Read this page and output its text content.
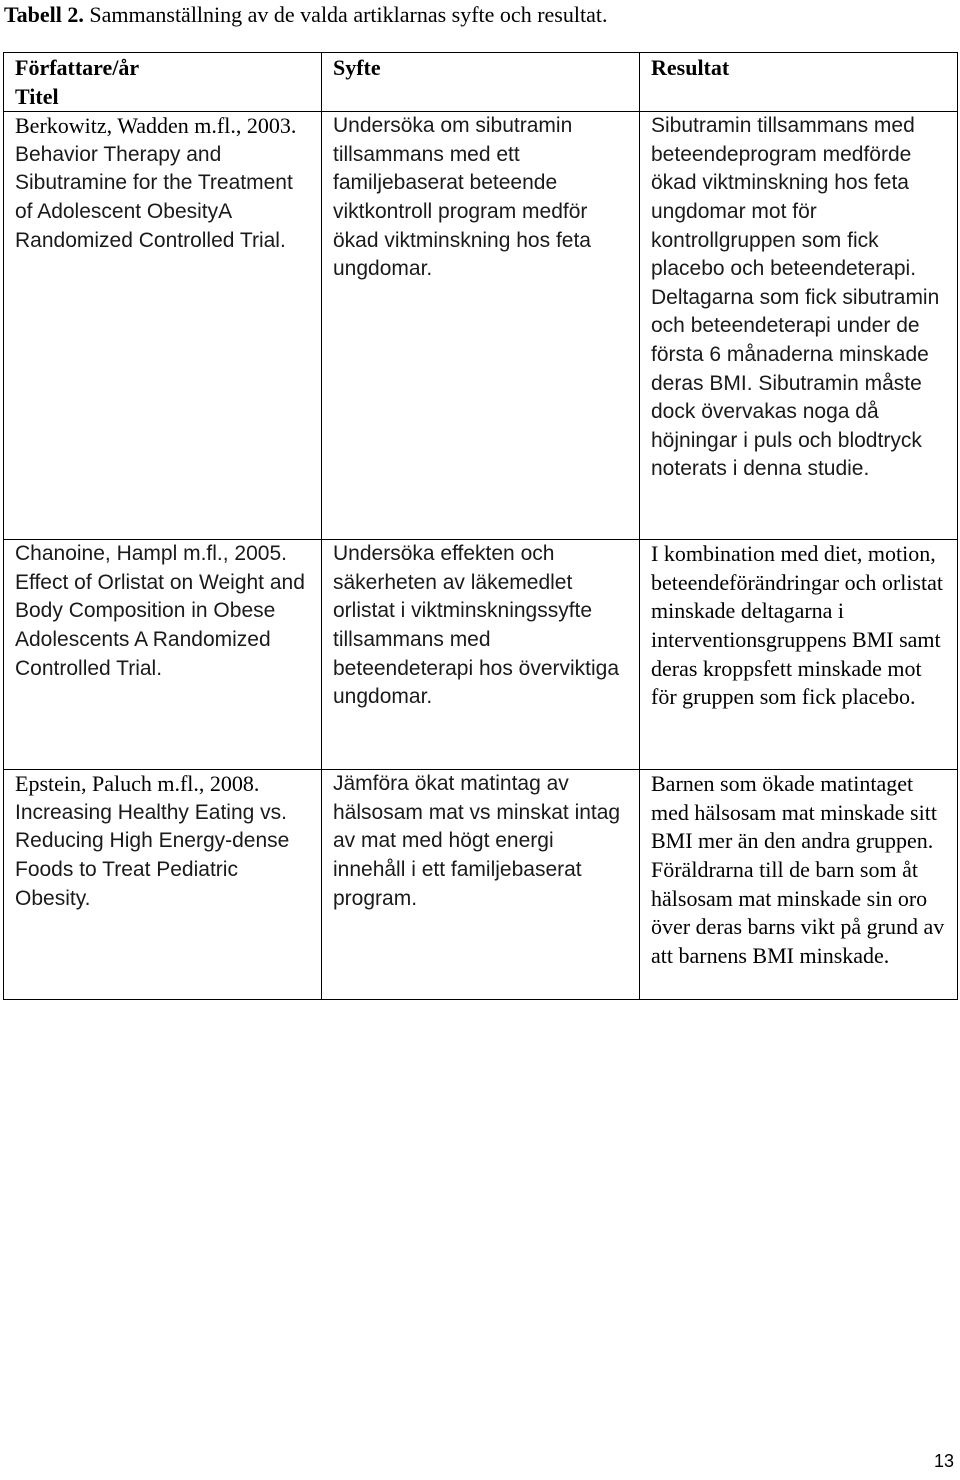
Tabell 2. Sammanställning av de valda artiklarnas syfte och resultat.
Författare/år
Titel	Syfte	Resultat

Berkowitz, Wadden m.fl., 2003.
Behavior Therapy and Sibutramine for the Treatment of Adolescent ObesityA Randomized Controlled Trial.	Undersöka om sibutramin tillsammans med ett familjebaserat beteende viktkontroll program medför ökad viktminskning hos feta ungdomar.	Sibutramin tillsammans med beteendeprogram medförde ökad viktminskning hos feta ungdomar mot för kontrollgruppen som fick placebo och beteendeterapi. Deltagarna som fick sibutramin och beteendeterapi under de första 6 månaderna minskade deras BMI. Sibutramin måste dock övervakas noga då höjningar i puls och blodtryck noterats i denna studie.

Chanoine, Hampl m.fl., 2005.
Effect of Orlistat on Weight and Body Composition in Obese Adolescents A Randomized Controlled Trial.	Undersöka effekten och säkerheten av läkemedlet orlistat i viktminskningssyfte tillsammans med beteendeterapi hos överviktiga ungdomar.	I kombination med diet, motion, beteendeförändringar och orlistat minskade deltagarna i interventionsgruppens BMI samt deras kroppsfett minskade mot för gruppen som fick placebo.

Epstein, Paluch m.fl., 2008.
Increasing Healthy Eating vs. Reducing High Energy-dense Foods to Treat Pediatric Obesity.	Jämföra ökat matintag av hälsosam mat vs minskat intag av mat med högt energi innehåll i ett familjebaserat program.	Barnen som ökade matintaget med hälsosam mat minskade sitt BMI mer än den andra gruppen. Föräldrarna till de barn som åt hälsosam mat minskade sin oro över deras barns vikt på grund av att barnens BMI minskade.
13
